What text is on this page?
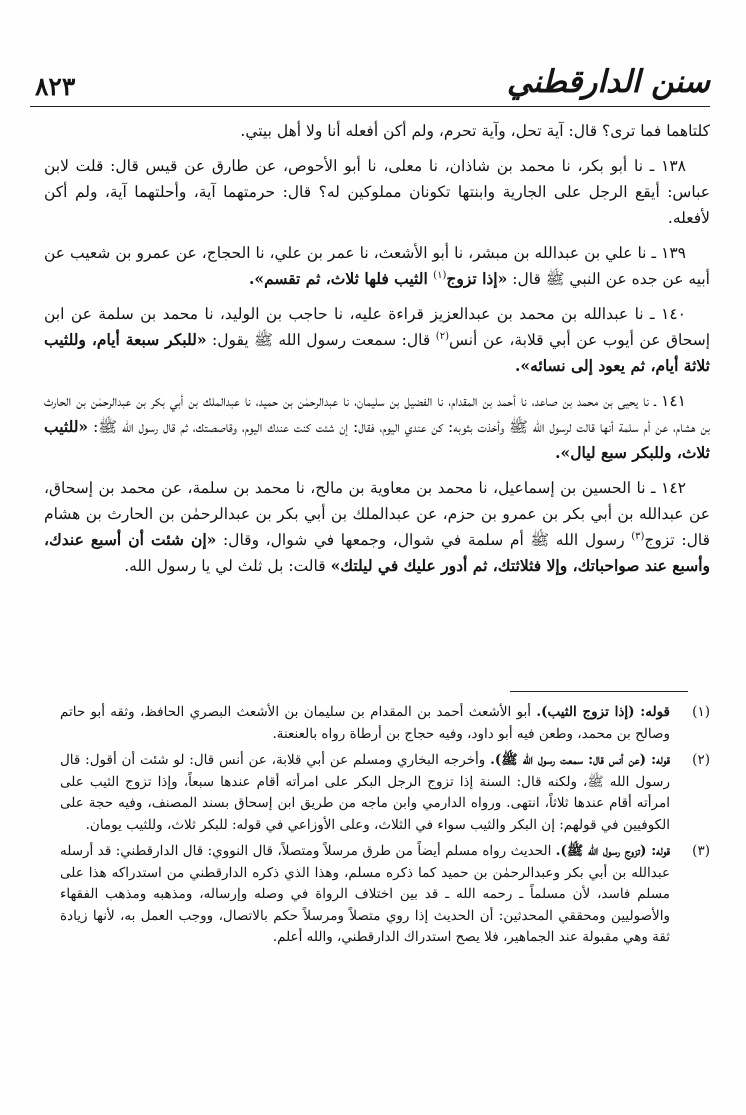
٨٢٣	سنن الدارقطني

كلتاهما فما ترى؟ قال: آية تحل، وآية تحرم، ولم أكن أفعله أنا ولا أهل بيتي.

١٣٨ ـ نا أبو بكر، نا محمد بن شاذان، نا معلى، نا أبو الأحوص، عن طارق عن قيس قال: قلت لابن عباس: أيقع الرجل على الجارية وابنتها تكونان مملوكين له؟ قال: حرمتهما آية، وأحلتهما آية، ولم أكن لأفعله.

١٣٩ ـ نا علي بن عبدالله بن مبشر، نا أبو الأشعث، نا عمر بن علي، نا الحجاج، عن عمرو بن شعيب عن أبيه عن جده عن النبي ﷺ قال: «إذا تزوج$^{(١)}$ الثيب فلها ثلاث، ثم تقسم».

١٤٠ ـ نا عبدالله بن محمد بن عبدالعزيز قراءة عليه، نا حاجب بن الوليد، نا محمد بن سلمة عن ابن إسحاق عن أيوب عن أبي قلابة، عن أنس$^{(٢)}$ قال: سمعت رسول الله ﷺ يقول: «للبكر سبعة أيام، وللثيب ثلاثة أيام، ثم يعود إلى نسائه».

١٤١ ـ نا يحيى بن محمد بن صاعد، نا أحمد بن المقدام، نا الفضيل بن سليمان، نا عبدالرحمٰن بن حميد، نا عبدالملك بن أبي بكر بن عبدالرحمٰن بن الحارث بن هشام، عن أم سلمة أنها قالت لرسول الله ﷺ وأخذت بثوبه: كن عندي اليوم، فقال: إن شئت كنت عندك اليوم، وقاصصتك، ثم قال رسول الله ﷺ: «للثيب ثلاث، وللبكر سبع ليال».

١٤٢ ـ نا الحسين بن إسماعيل، نا محمد بن معاوية بن مالح، نا محمد بن سلمة، عن محمد بن إسحاق، عن عبدالله بن أبي بكر بن عمرو بن حزم، عن عبدالملك بن أبي بكر بن عبدالرحمٰن بن الحارث بن هشام قال: تزوج$^{(٣)}$ رسول الله ﷺ أم سلمة في شوال، وجمعها في شوال، وقال: «إن شئت أن أسبع عندك، وأسبع عند صواحباتك، وإلا فثلاثتك، ثم أدور عليك في ليلتك» قالت: بل ثلث لي يا رسول الله.

(١)
قوله: (إذا تزوج الثيب). أبو الأشعث أحمد بن المقدام بن سليمان بن الأشعث البصري الحافظ، وثقه أبو حاتم وصالح بن محمد، وطعن فيه أبو داود، وفيه حجاج بن أرطاة رواه بالعنعنة.
(٢)
قوله: (عن أنس قال: سمعت رسول الله ﷺ). وأخرجه البخاري ومسلم عن أبي قلابة، عن أنس قال: لو شئت أن أقول: قال رسول الله ﷺ، ولكنه قال: السنة إذا تزوج الرجل البكر على امرأته أقام عندها سبعاً، وإذا تزوج الثيب على امرأته أقام عندها ثلاثاً، انتهى. ورواه الدارمي وابن ماجه من طريق ابن إسحاق بسند المصنف، وفيه حجة على الكوفيين في قولهم: إن البكر والثيب سواء في الثلاث، وعلى الأوزاعي في قوله: للبكر ثلاث، وللثيب يومان.
(٣)
قوله: (تزوج رسول الله ﷺ). الحديث رواه مسلم أيضاً من طرق مرسلاً ومتصلاً، قال النووي: قال الدارقطني: قد أرسله عبدالله بن أبي بكر وعبدالرحمٰن بن حميد كما ذكره مسلم، وهذا الذي ذكره الدارقطني من استدراكه هذا على مسلم فاسد، لأن مسلماً ـ رحمه الله ـ قد بين اختلاف الرواة في وصله وإرساله، ومذهبه ومذهب الفقهاء والأصوليين ومحققي المحدثين: أن الحديث إذا روي متصلاً ومرسلاً حكم بالاتصال، ووجب العمل به، لأنها زيادة ثقة وهي مقبولة عند الجماهير، فلا يصح استدراك الدارقطني، والله أعلم.
